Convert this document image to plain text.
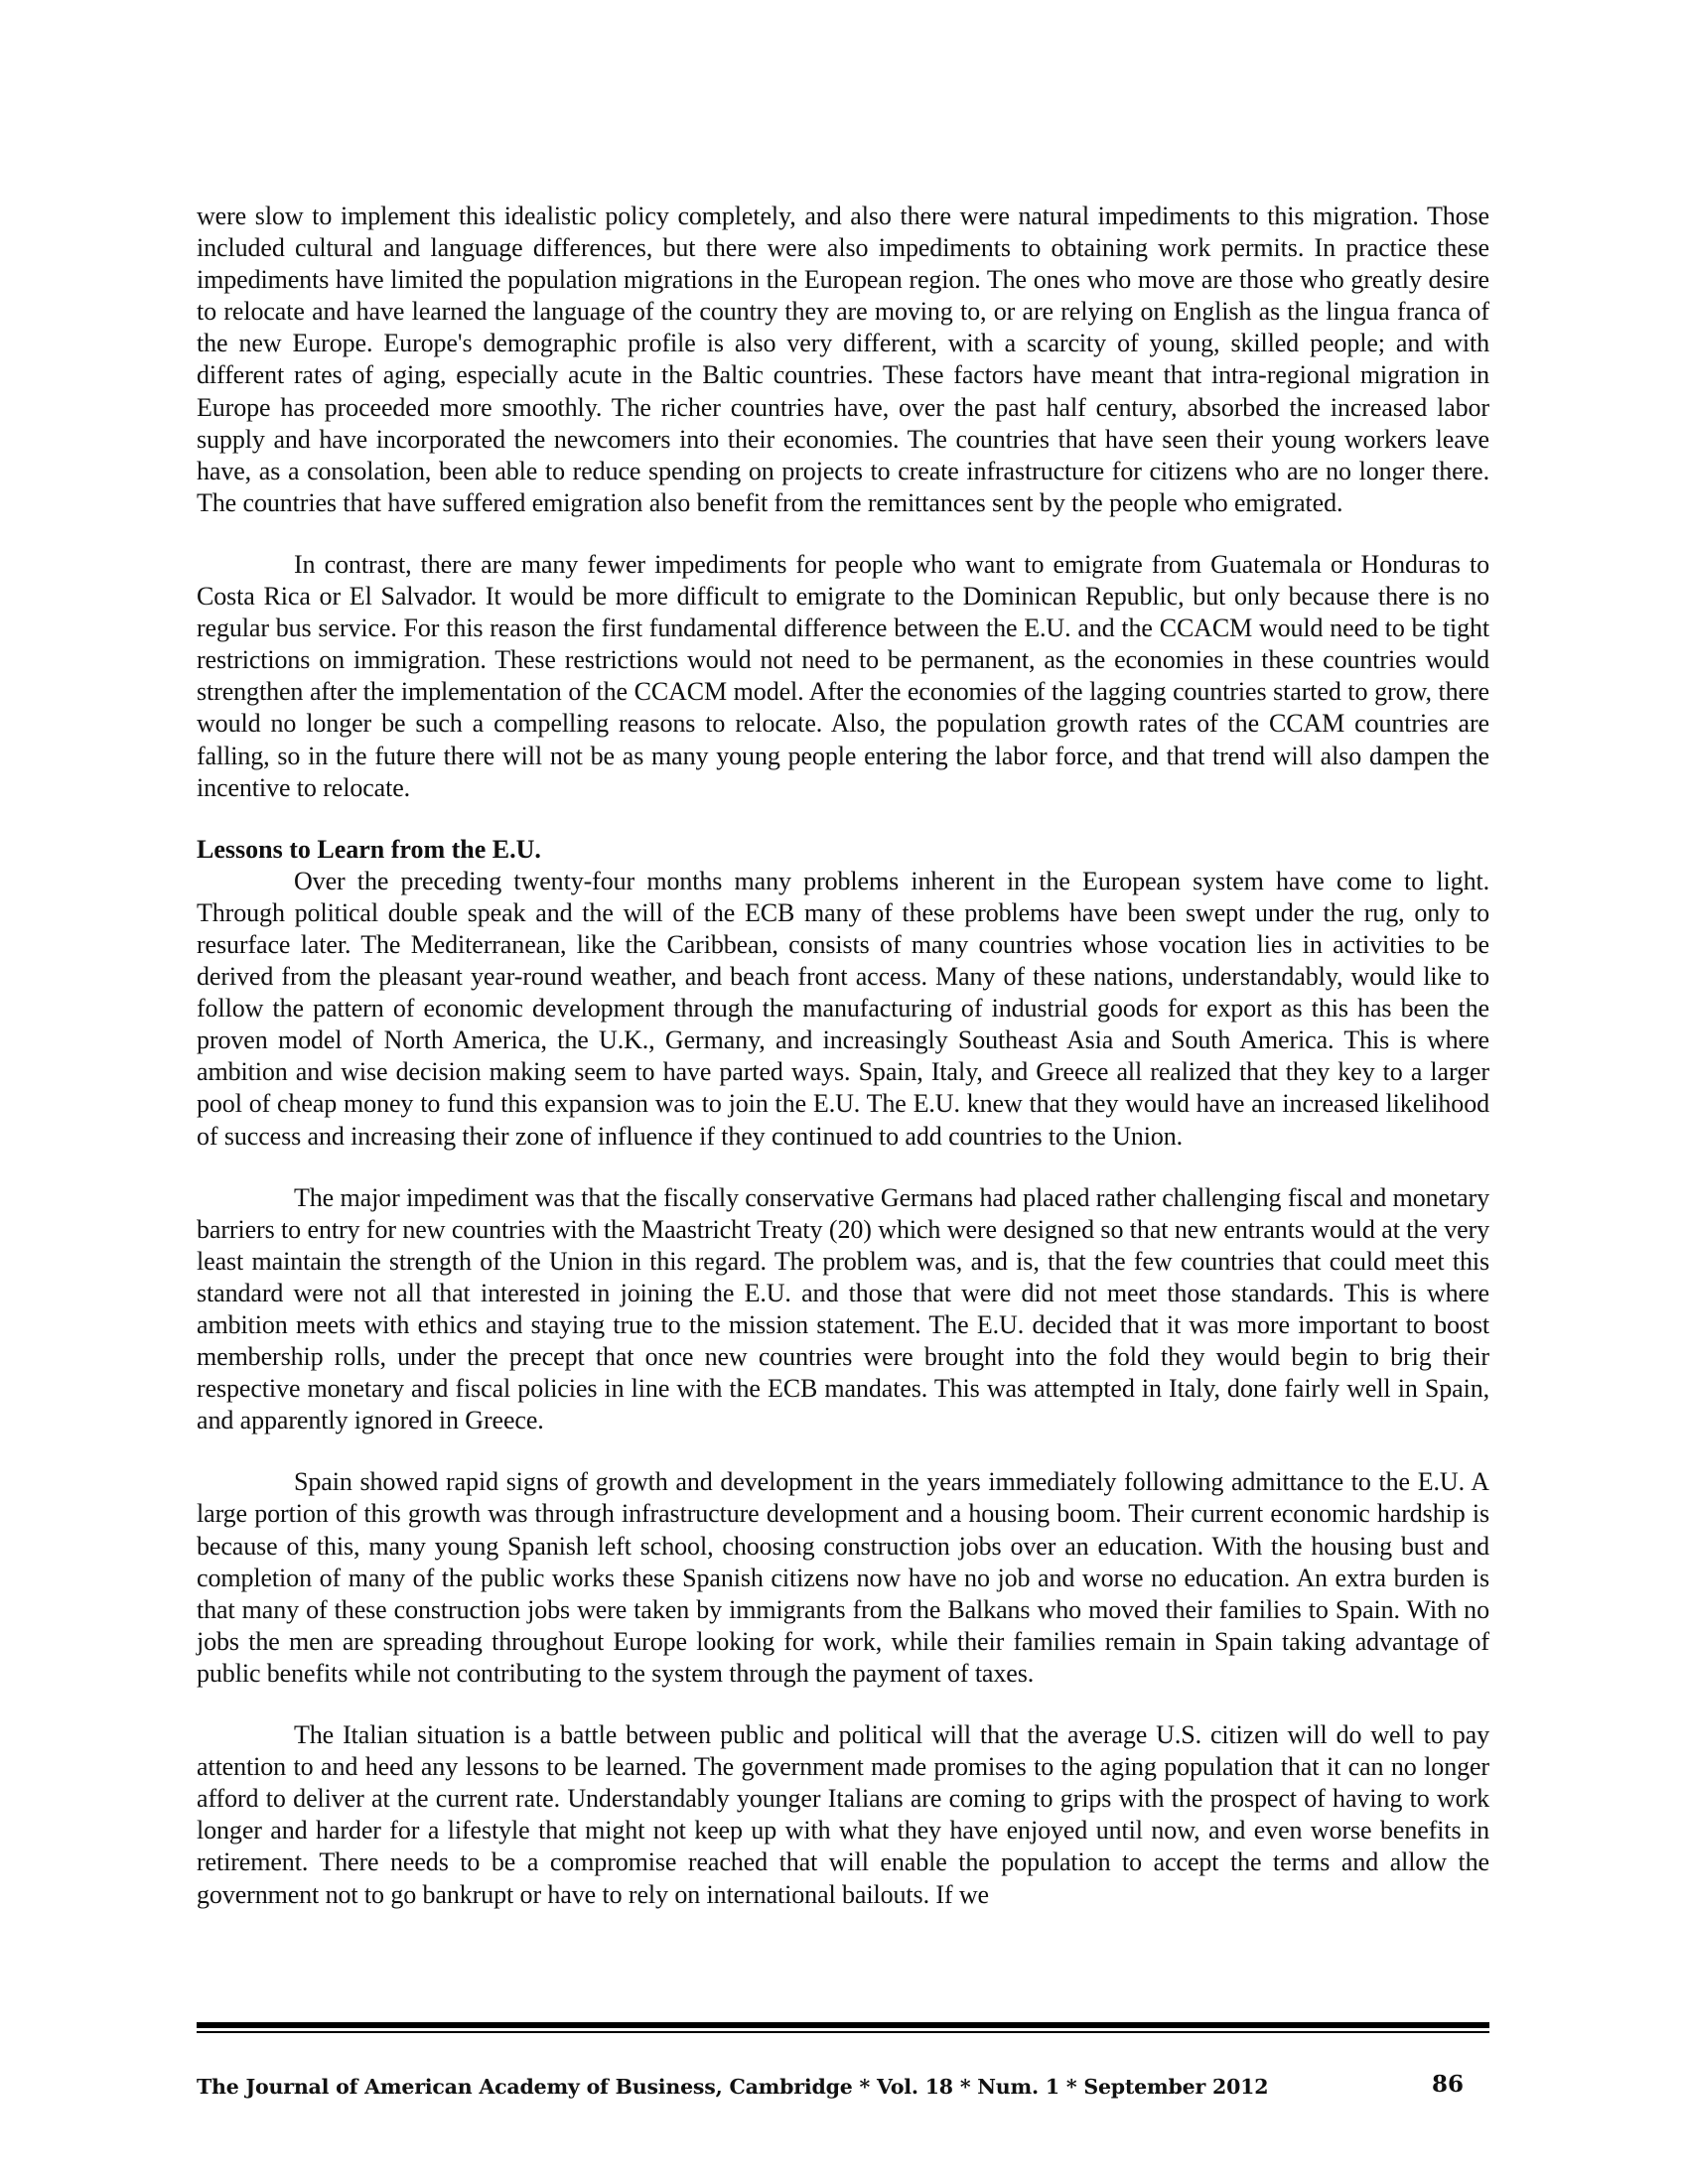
were slow to implement this idealistic policy completely, and also there were natural impediments to this migration. Those included cultural and language differences, but there were also impediments to obtaining work permits. In practice these impediments have limited the population migrations in the European region. The ones who move are those who greatly desire to relocate and have learned the language of the country they are moving to, or are relying on English as the lingua franca of the new Europe. Europe's demographic profile is also very different, with a scarcity of young, skilled people; and with different rates of aging, especially acute in the Baltic countries. These factors have meant that intra-regional migration in Europe has proceeded more smoothly. The richer countries have, over the past half century, absorbed the increased labor supply and have incorporated the newcomers into their economies. The countries that have seen their young workers leave have, as a consolation, been able to reduce spending on projects to create infrastructure for citizens who are no longer there. The countries that have suffered emigration also benefit from the remittances sent by the people who emigrated.

In contrast, there are many fewer impediments for people who want to emigrate from Guatemala or Honduras to Costa Rica or El Salvador. It would be more difficult to emigrate to the Dominican Republic, but only because there is no regular bus service. For this reason the first fundamental difference between the E.U. and the CCACM would need to be tight restrictions on immigration. These restrictions would not need to be permanent, as the economies in these countries would strengthen after the implementation of the CCACM model. After the economies of the lagging countries started to grow, there would no longer be such a compelling reasons to relocate. Also, the population growth rates of the CCAM countries are falling, so in the future there will not be as many young people entering the labor force, and that trend will also dampen the incentive to relocate.

Lessons to Learn from the E.U.

Over the preceding twenty-four months many problems inherent in the European system have come to light. Through political double speak and the will of the ECB many of these problems have been swept under the rug, only to resurface later. The Mediterranean, like the Caribbean, consists of many countries whose vocation lies in activities to be derived from the pleasant year-round weather, and beach front access. Many of these nations, understandably, would like to follow the pattern of economic development through the manufacturing of industrial goods for export as this has been the proven model of North America, the U.K., Germany, and increasingly Southeast Asia and South America. This is where ambition and wise decision making seem to have parted ways. Spain, Italy, and Greece all realized that they key to a larger pool of cheap money to fund this expansion was to join the E.U. The E.U. knew that they would have an increased likelihood of success and increasing their zone of influence if they continued to add countries to the Union.

The major impediment was that the fiscally conservative Germans had placed rather challenging fiscal and monetary barriers to entry for new countries with the Maastricht Treaty (20) which were designed so that new entrants would at the very least maintain the strength of the Union in this regard. The problem was, and is, that the few countries that could meet this standard were not all that interested in joining the E.U. and those that were did not meet those standards. This is where ambition meets with ethics and staying true to the mission statement. The E.U. decided that it was more important to boost membership rolls, under the precept that once new countries were brought into the fold they would begin to brig their respective monetary and fiscal policies in line with the ECB mandates. This was attempted in Italy, done fairly well in Spain, and apparently ignored in Greece.

Spain showed rapid signs of growth and development in the years immediately following admittance to the E.U. A large portion of this growth was through infrastructure development and a housing boom. Their current economic hardship is because of this, many young Spanish left school, choosing construction jobs over an education. With the housing bust and completion of many of the public works these Spanish citizens now have no job and worse no education. An extra burden is that many of these construction jobs were taken by immigrants from the Balkans who moved their families to Spain. With no jobs the men are spreading throughout Europe looking for work, while their families remain in Spain taking advantage of public benefits while not contributing to the system through the payment of taxes.

The Italian situation is a battle between public and political will that the average U.S. citizen will do well to pay attention to and heed any lessons to be learned. The government made promises to the aging population that it can no longer afford to deliver at the current rate. Understandably younger Italians are coming to grips with the prospect of having to work longer and harder for a lifestyle that might not keep up with what they have enjoyed until now, and even worse benefits in retirement. There needs to be a compromise reached that will enable the population to accept the terms and allow the government not to go bankrupt or have to rely on international bailouts. If we

The Journal of American Academy of Business, Cambridge * Vol. 18 * Num. 1 * September 2012	86
